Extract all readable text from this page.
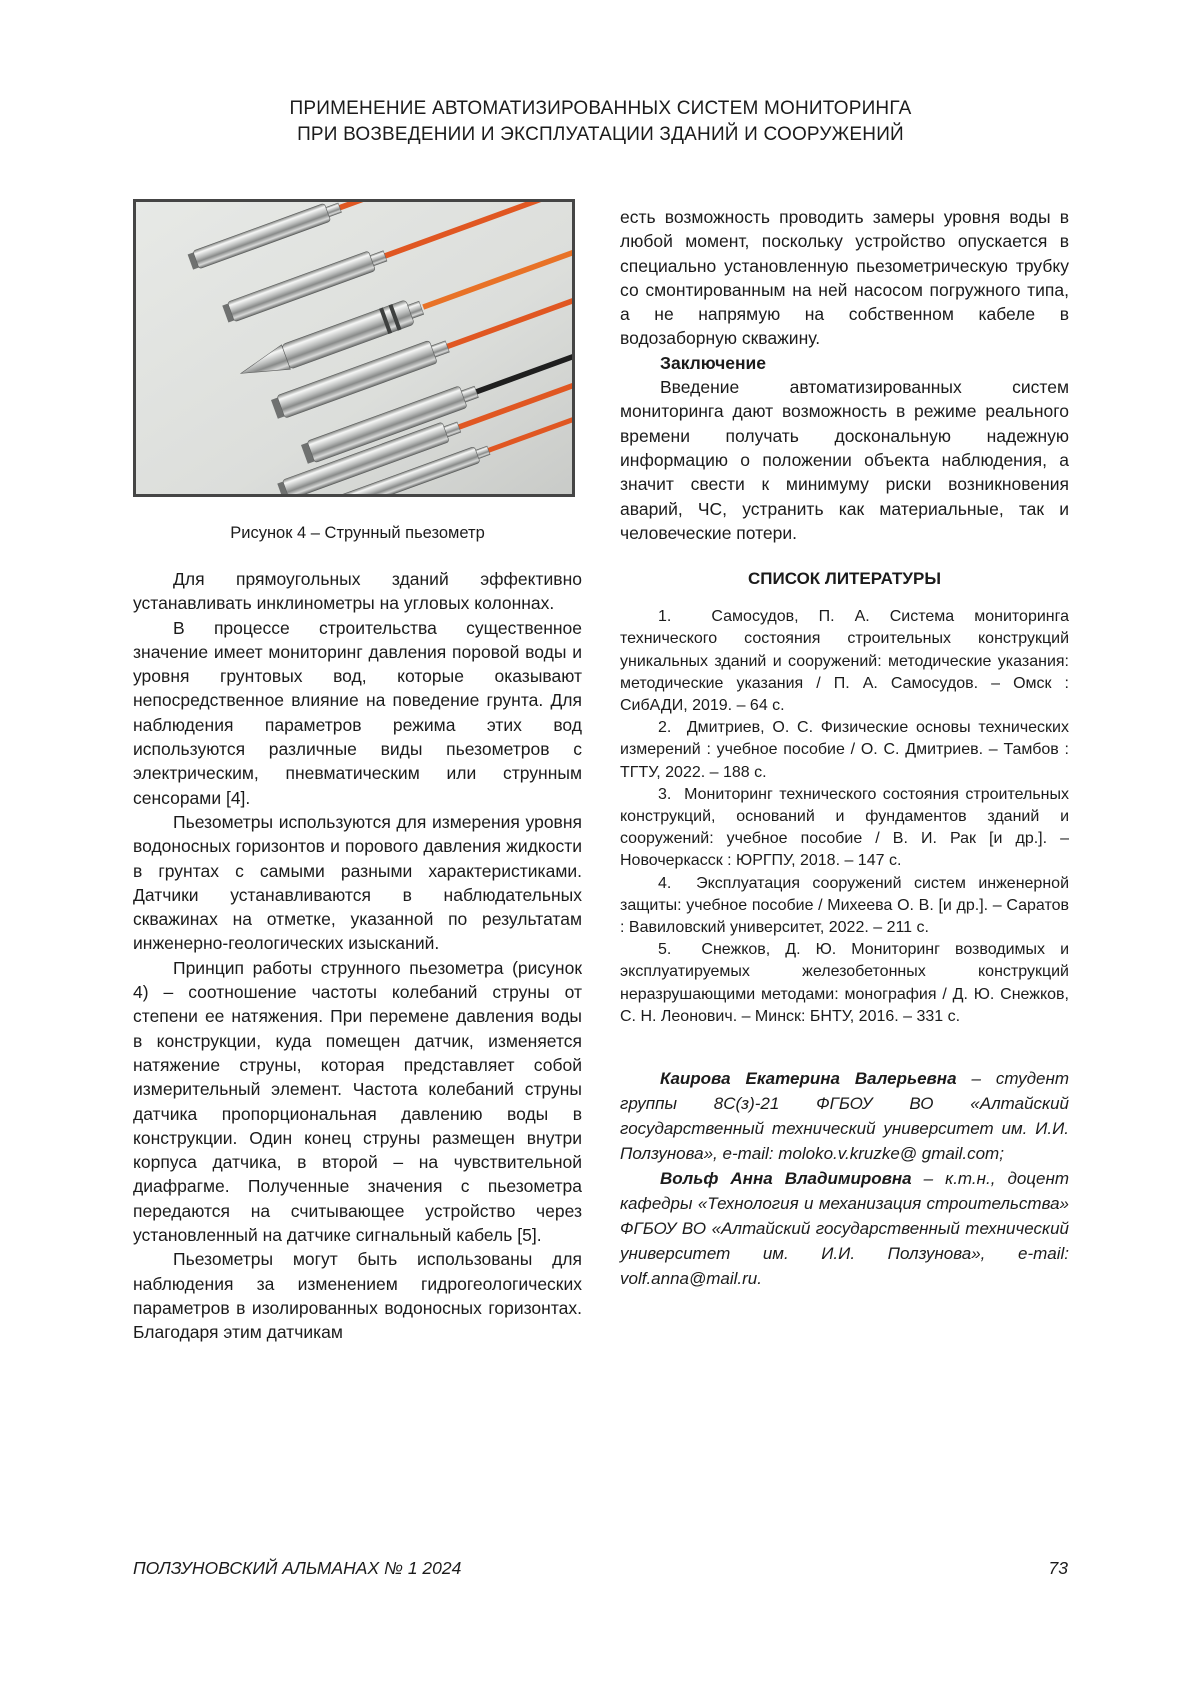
ПРИМЕНЕНИЕ АВТОМАТИЗИРОВАННЫХ СИСТЕМ МОНИТОРИНГА
ПРИ ВОЗВЕДЕНИИ И ЭКСПЛУАТАЦИИ ЗДАНИЙ И СООРУЖЕНИЙ
Рисунок 4 – Струнный пьезометр

Для прямоугольных зданий эффективно устанавливать инклинометры на угловых колоннах.

В процессе строительства существенное значение имеет мониторинг давления поровой воды и уровня грунтовых вод, которые оказывают непосредственное влияние на поведение грунта. Для наблюдения параметров режима этих вод используются различные виды пьезометров с электрическим, пневматическим или струнным сенсорами [4].

Пьезометры используются для измерения уровня водоносных горизонтов и порового давления жидкости в грунтах с самыми разными характеристиками. Датчики устанавливаются в наблюдательных скважинах на отметке, указанной по результатам инженерно-геологических изысканий.

Принцип работы струнного пьезометра (рисунок 4) – соотношение частоты колебаний струны от степени ее натяжения. При перемене давления воды в конструкции, куда помещен датчик, изменяется натяжение струны, которая представляет собой измерительный элемент. Частота колебаний струны датчика пропорциональная давлению воды в конструкции. Один конец струны размещен внутри корпуса датчика, в второй – на чувствительной диафрагме. Полученные значения с пьезометра передаются на считывающее устройство через установленный на датчике сигнальный кабель [5].

Пьезометры могут быть использованы для наблюдения за изменением гидрогеологических параметров в изолированных водоносных горизонтах. Благодаря этим датчикам

есть возможность проводить замеры уровня воды в любой момент, поскольку устройство опускается в специально установленную пьезометрическую трубку со смонтированным на ней насосом погружного типа, а не напрямую на собственном кабеле в водозаборную скважину.

Заключение

Введение автоматизированных систем мониторинга дают возможность в режиме реального времени получать доскональную надежную информацию о положении объекта наблюдения, а значит свести к минимуму риски возникновения аварий, ЧС, устранить как материальные, так и человеческие потери.

СПИСОК ЛИТЕРАТУРЫ

1.  Самосудов, П. А. Система мониторинга технического состояния строительных конструкций уникальных зданий и сооружений: методические указания: методические указания / П. А. Самосудов. – Омск : СибАДИ, 2019. – 64 с.

2.  Дмитриев, О. С. Физические основы технических измерений : учебное пособие / О. С. Дмитриев. – Тамбов : ТГТУ, 2022. – 188 с.

3.  Мониторинг технического состояния строительных конструкций, оснований и фундаментов зданий и сооружений: учебное пособие / В. И. Рак [и др.]. – Новочеркасск : ЮРГПУ, 2018. – 147 с.

4.  Эксплуатация сооружений систем инженерной защиты: учебное пособие / Михеева О. В. [и др.]. – Саратов : Вавиловский университет, 2022. – 211 с.

5.  Снежков, Д. Ю. Мониторинг возводимых и эксплуатируемых железобетонных конструкций неразрушающими методами: монография / Д. Ю. Снежков, С. Н. Леонович. – Минск: БНТУ, 2016. – 331 с.

Каирова Екатерина Валерьевна – студент группы 8С(з)-21 ФГБОУ ВО «Алтайский государственный технический университет им. И.И. Ползунова», e-mail: moloko.v.kruzke@ gmail.com;

Вольф Анна Владимировна – к.т.н., доцент кафедры «Технология и механизация строительства» ФГБОУ ВО «Алтайский государственный технический университет им. И.И. Ползунова», e-mail: volf.anna@mail.ru.

ПОЛЗУНОВСКИЙ АЛЬМАНАХ № 1 2024	73
